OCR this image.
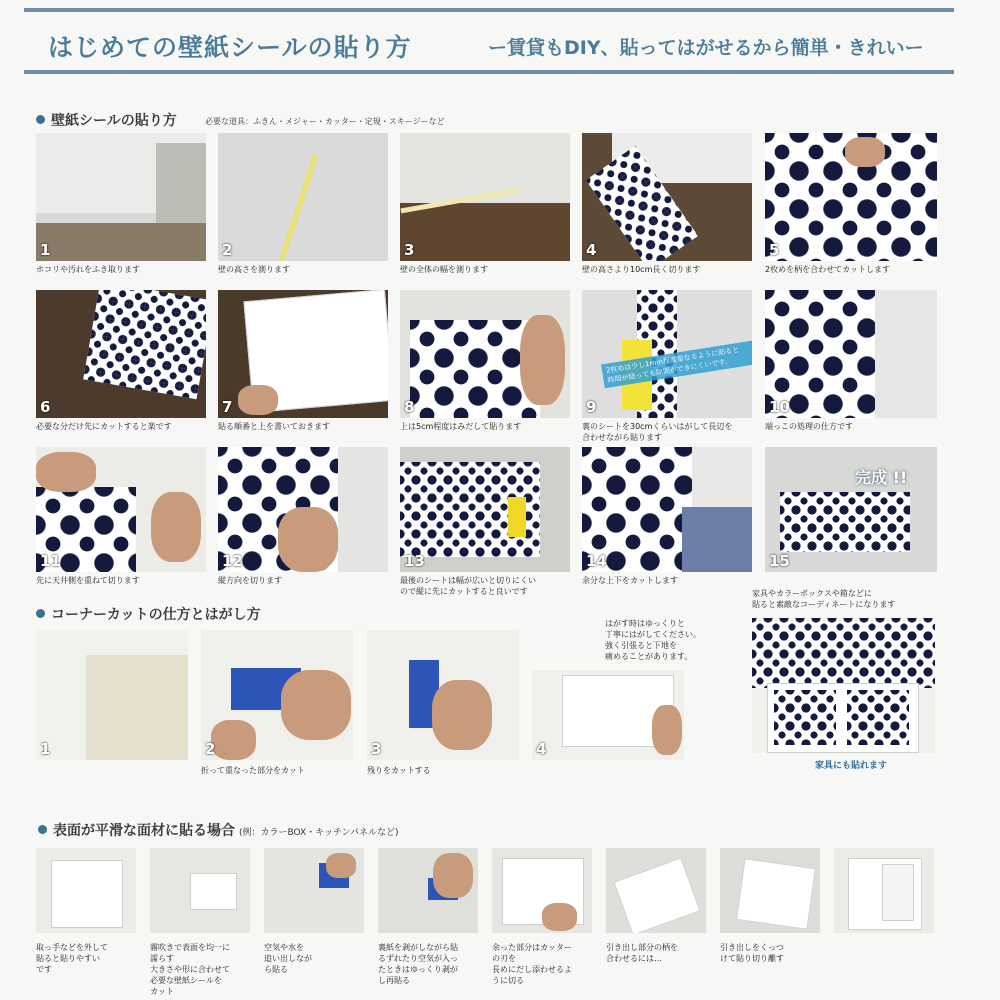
はじめての壁紙シールの貼り方	ー賃貸もDIY、貼ってはがせるから簡単・きれいー
壁紙シールの貼り方	必要な道具：ふきん・メジャー・カッター・定規・スキージーなど
1
ホコリや汚れをふき取ります
2
壁の高さを測ります
3
壁の全体の幅を測ります
4
壁の高さより10cm長く切ります
5
2枚めを柄を合わせてカットします
6
必要な分だけ先にカットすると楽です
7
貼る順番と上を書いておきます
8
上は5cm程度はみだして貼ります
2枚めは少し1mm程度重なるように貼ると
時間が経っても隙間ができにくいです。
9
裏のシートを30cmくらいはがして長辺を
合わせながら貼ります
10
端っこの処理の仕方です
11
先に天井側を重ねて切ります
12
縦方向を切ります
13
最後のシートは幅が広いと切りにくい
ので縦に先にカットすると良いです
14
余分な上下をカットします
完成 !!
15
家具やカラーボックスや箱などに
貼ると素敵なコーディネートになります
家具にも貼れます
コーナーカットの仕方とはがし方
1	2
折って重なった部分をカット
3
残りをカットする
はがす時はゆっくりと
丁寧にはがしてください。
強く引張ると下地を
痛めることがあります。
4
表面が平滑な面材に貼る場合 (例：カラーBOX・キッチンパネルなど)
取っ手などを外して
貼ると貼りやすい
です
霧吹きで表面を均一に
濡らす
大きさや形に合わせて
必要な壁紙シールを
カット
空気や水を
追い出しなが
ら貼る
裏紙を剥がしながら貼
るずれたり空気が入っ
たときはゆっくり剥が
し再貼る
余った部分はカッター
の刃を
長めにだし添わせるよ
うに切る
引き出し部分の柄を
合わせるには…
引き出しをくっつ
けて貼り切り離す
